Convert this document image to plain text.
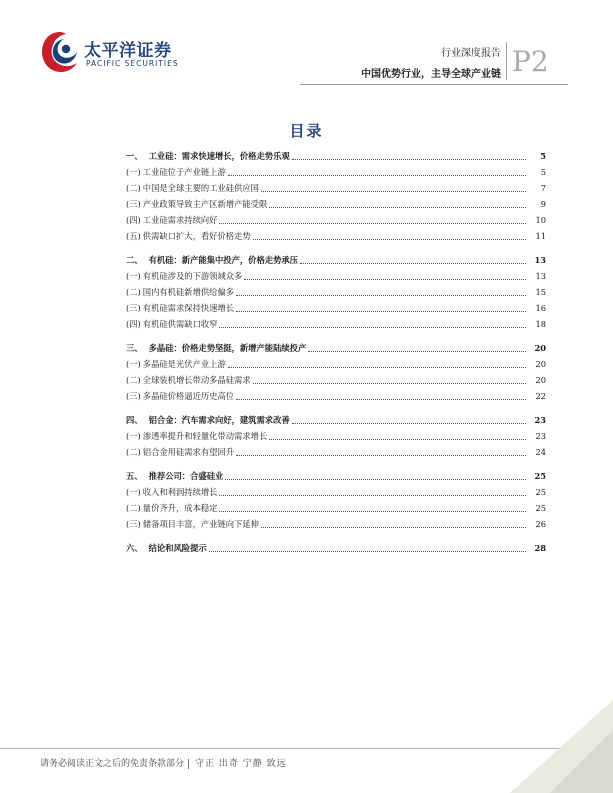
太平洋证券
PACIFIC SECURITIES
行业深度报告
中国优势行业，主导全球产业链 P2
目录
一、 工业硅：需求快速增长，价格走势乐观	5
(一) 工业硅位于产业链上游	5
(二) 中国是全球主要的工业硅供应国	7
(三) 产业政策导致主产区新增产能受限	9
(四) 工业硅需求持续向好	10
(五) 供需缺口扩大，看好价格走势	11
二、 有机硅：新产能集中投产，价格走势承压	13
(一) 有机硅涉及的下游领域众多	13
(二) 国内有机硅新增供给偏多	15
(三) 有机硅需求保持快速增长	16
(四) 有机硅供需缺口收窄	18
三、 多晶硅：价格走势坚挺，新增产能陆续投产	20
(一) 多晶硅是光伏产业上游	20
(二) 全球装机增长带动多晶硅需求	20
(三) 多晶硅价格逼近历史高位	22
四、 铝合金：汽车需求向好，建筑需求改善	23
(一) 渗透率提升和轻量化带动需求增长	23
(二) 铝合金用硅需求有望回升	24
五、 推荐公司：合盛硅业	25
(一) 收入和利润持续增长	25
(二) 量价齐升，成本稳定	25
(三) 储备项目丰富，产业链向下延伸	26
六、 结论和风险提示	28
请务必阅读正文之后的免责条款部分 守正 出奇 宁静 致远
